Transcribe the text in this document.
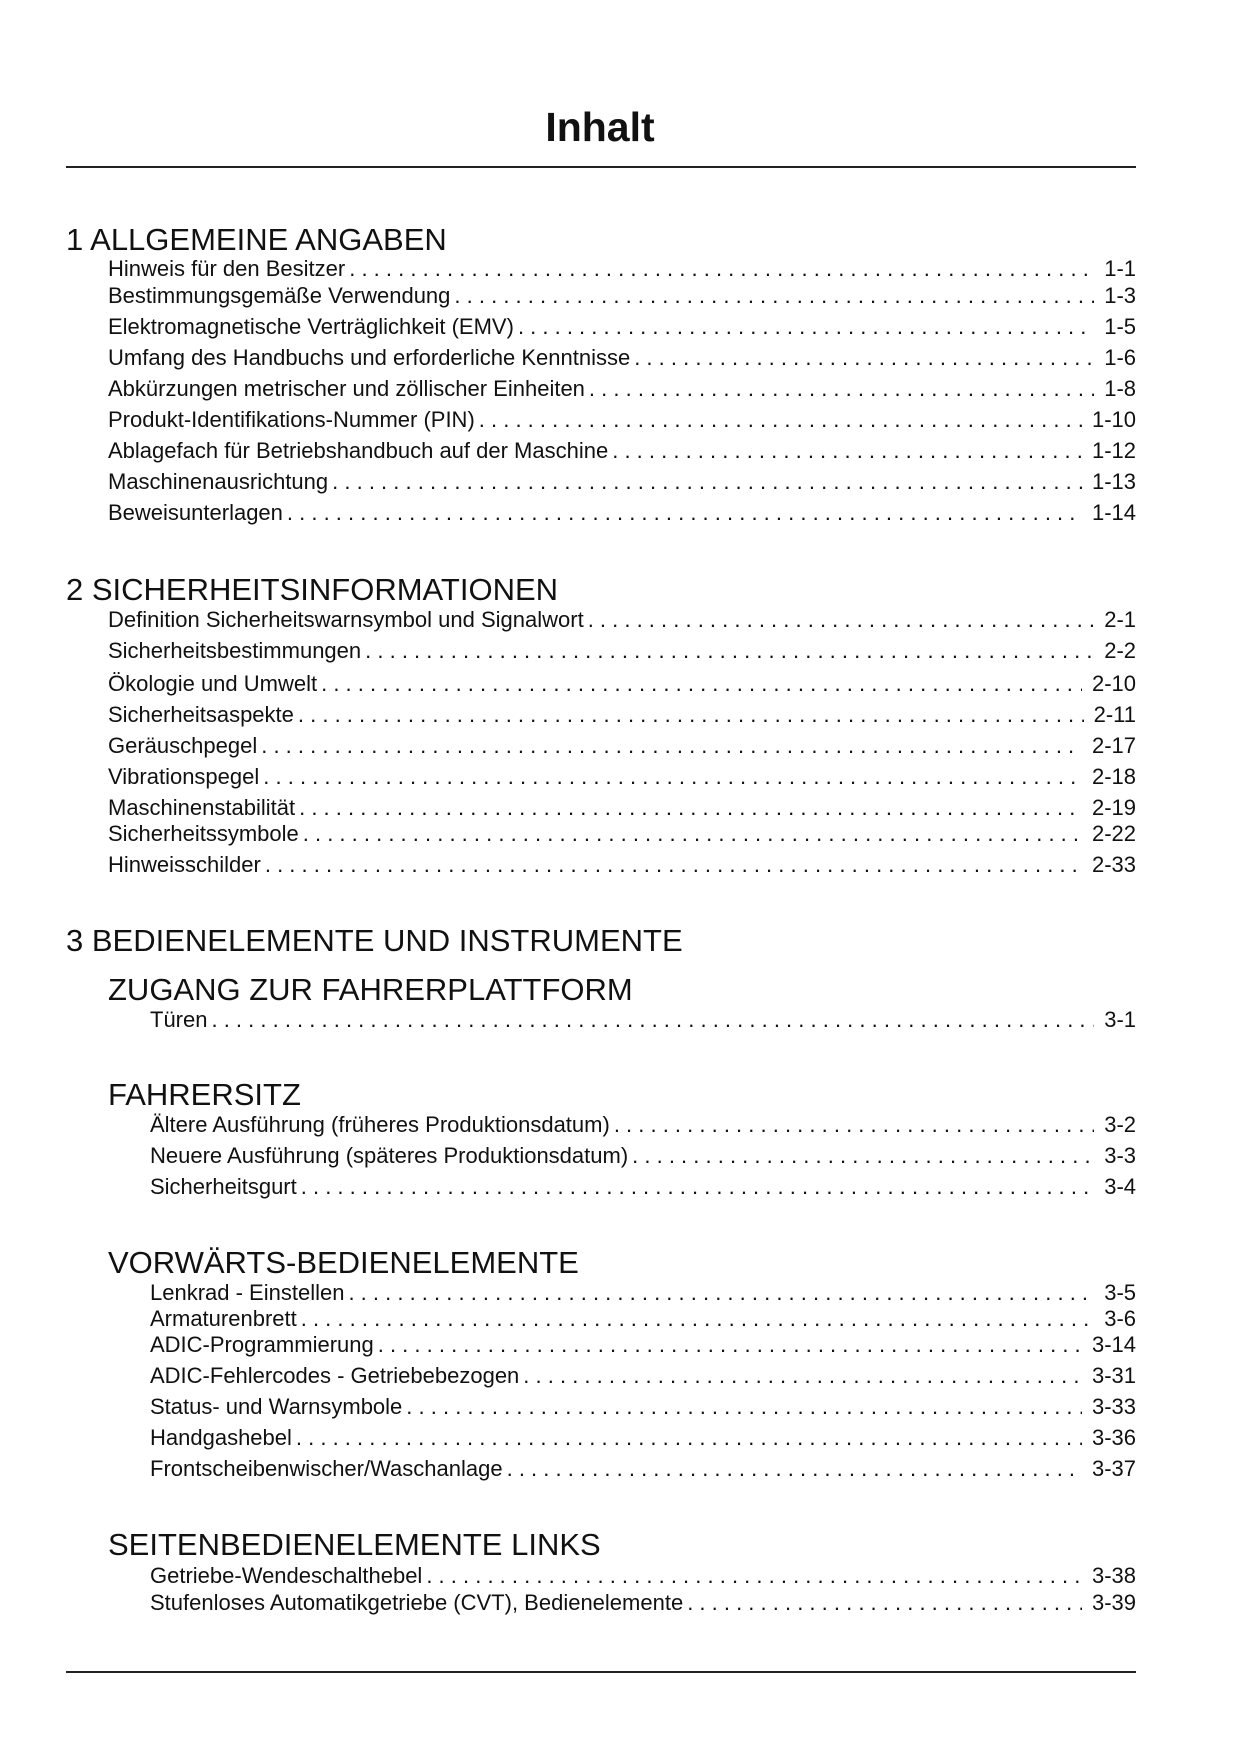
Inhalt
1 ALLGEMEINE ANGABEN
Hinweis für den Besitzer . . .	1-1
Bestimmungsgemäße Verwendung . . .	1-3
Elektromagnetische Verträglichkeit (EMV) . . .	1-5
Umfang des Handbuchs und erforderliche Kenntnisse . . .	1-6
Abkürzungen metrischer und zöllischer Einheiten . . .	1-8
Produkt-Identifikations-Nummer (PIN) . . .	1-10
Ablagefach für Betriebshandbuch auf der Maschine . . .	1-12
Maschinenausrichtung . . .	1-13
Beweisunterlagen . . .	1-14
2 SICHERHEITSINFORMATIONEN
Definition Sicherheitswarnsymbol und Signalwort . . .	2-1
Sicherheitsbestimmungen . . .	2-2
Ökologie und Umwelt . . .	2-10
Sicherheitsaspekte . . .	2-11
Geräuschpegel . . .	2-17
Vibrationspegel . . .	2-18
Maschinenstabilität . . .	2-19
Sicherheitssymbole . . .	2-22
Hinweisschilder . . .	2-33
3 BEDIENELEMENTE UND INSTRUMENTE
ZUGANG ZUR FAHRERPLATTFORM
Türen . . .	3-1
FAHRERSITZ
Ältere Ausführung (früheres Produktionsdatum) . . .	3-2
Neuere Ausführung (späteres Produktionsdatum) . . .	3-3
Sicherheitsgurt . . .	3-4
VORWÄRTS-BEDIENELEMENTE
Lenkrad - Einstellen . . .	3-5
Armaturenbrett . . .	3-6
ADIC-Programmierung . . .	3-14
ADIC-Fehlercodes - Getriebebezogen . . .	3-31
Status- und Warnsymbole . . .	3-33
Handgashebel . . .	3-36
Frontscheibenwischer/Waschanlage . . .	3-37
SEITENBEDIENELEMENTE LINKS
Getriebe-Wendeschalthebel . . .	3-38
Stufenloses Automatikgetriebe (CVT), Bedienelemente . . .	3-39
